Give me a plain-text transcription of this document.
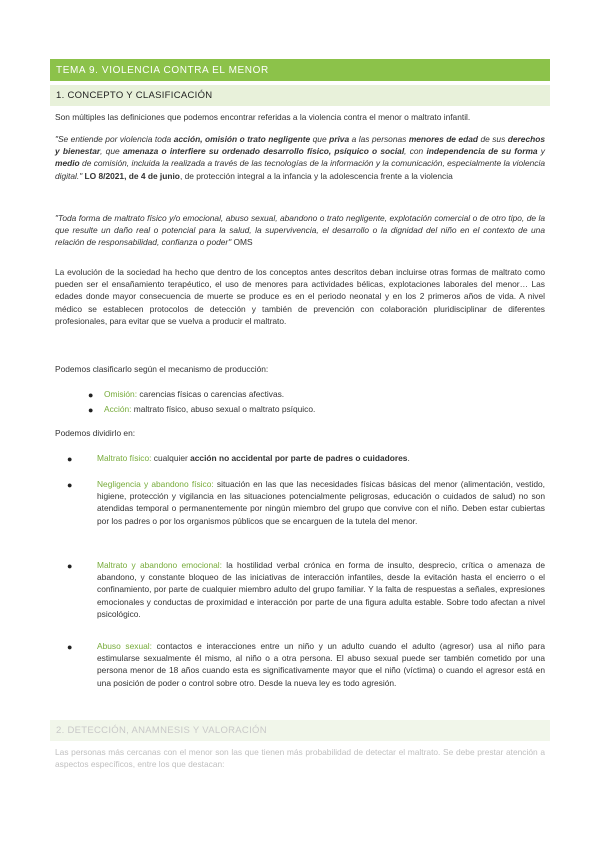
TEMA 9. VIOLENCIA CONTRA EL MENOR
1. CONCEPTO Y CLASIFICACIÓN

Son múltiples las definiciones que podemos encontrar referidas a la violencia contra el menor o maltrato infantil.

"Se entiende por violencia toda acción, omisión o trato negligente que priva a las personas menores de edad de sus derechos y bienestar, que amenaza o interfiere su ordenado desarrollo físico, psíquico o social, con independencia de su forma y medio de comisión, incluida la realizada a través de las tecnologías de la información y la comunicación, especialmente la violencia digital." LO 8/2021, de 4 de junio, de protección integral a la infancia y la adolescencia frente a la violencia

"Toda forma de maltrato físico y/o emocional, abuso sexual, abandono o trato negligente, explotación comercial o de otro tipo, de la que resulte un daño real o potencial para la salud, la supervivencia, el desarrollo o la dignidad del niño en el contexto de una relación de responsabilidad, confianza o poder" OMS

La evolución de la sociedad ha hecho que dentro de los conceptos antes descritos deban incluirse otras formas de maltrato como pueden ser el ensañamiento terapéutico, el uso de menores para actividades bélicas, explotaciones laborales del menor… Las edades donde mayor consecuencia de muerte se produce es en el periodo neonatal y en los 2 primeros años de vida. A nivel médico se establecen protocolos de detección y también de prevención con colaboración pluridisciplinar de diferentes profesionales, para evitar que se vuelva a producir el maltrato.

Podemos clasificarlo según el mecanismo de producción:

● Omisión: carencias físicas o carencias afectivas.
● Acción: maltrato físico, abuso sexual o maltrato psíquico.

Podemos dividirlo en:

●	Maltrato físico: cualquier acción no accidental por parte de padres o cuidadores.
●	Negligencia y abandono físico: situación en las que las necesidades físicas básicas del menor (alimentación, vestido, higiene, protección y vigilancia en las situaciones potencialmente peligrosas, educación o cuidados de salud) no son atendidas temporal o permanentemente por ningún miembro del grupo que convive con el niño. Deben estar cubiertas por los padres o por los organismos públicos que se encarguen de la tutela del menor.
●	Maltrato y abandono emocional: la hostilidad verbal crónica en forma de insulto, desprecio, crítica o amenaza de abandono, y constante bloqueo de las iniciativas de interacción infantiles, desde la evitación hasta el encierro o el confinamiento, por parte de cualquier miembro adulto del grupo familiar. Y la falta de respuestas a señales, expresiones emocionales y conductas de proximidad e interacción por parte de una figura adulta estable. Sobre todo afectan a nivel psicológico.
●	Abuso sexual: contactos e interacciones entre un niño y un adulto cuando el adulto (agresor) usa al niño para estimularse sexualmente él mismo, al niño o a otra persona. El abuso sexual puede ser también cometido por una persona menor de 18 años cuando esta es significativamente mayor que el niño (víctima) o cuando el agresor está en una posición de poder o control sobre otro. Desde la nueva ley es todo agresión.
2. DETECCIÓN, ANAMNESIS Y VALORACIÓN

Las personas más cercanas con el menor son las que tienen más probabilidad de detectar el maltrato. Se debe prestar atención a aspectos específicos, entre los que destacan:
